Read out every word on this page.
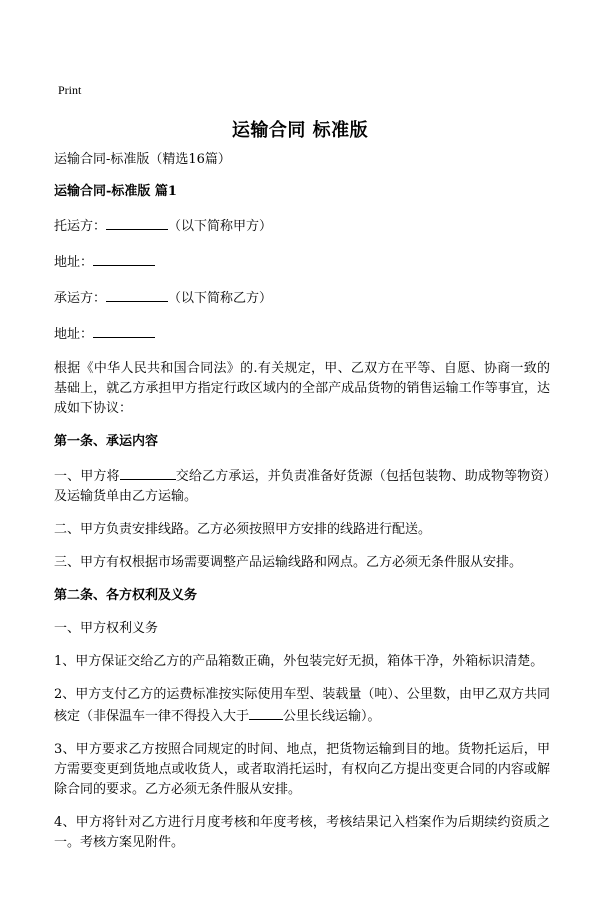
Print
运输合同 标准版

运输合同-标准版（精选16篇）

运输合同-标准版 篇1

托运方：	（以下简称甲方）

地址：

承运方：	（以下简称乙方）

地址：

根据《中华人民共和国合同法》的.有关规定，甲、乙双方在平等、自愿、协商一致的基础上，就乙方承担甲方指定行政区域内的全部产成品货物的销售运输工作等事宜，达成如下协议：

第一条、承运内容

一、甲方将	交给乙方承运，并负责准备好货源（包括包装物、助成物等物资）及运输货单由乙方运输。

二、甲方负责安排线路。乙方必须按照甲方安排的线路进行配送。

三、甲方有权根据市场需要调整产品运输线路和网点。乙方必须无条件服从安排。

第二条、各方权利及义务

一、甲方权利义务

1、甲方保证交给乙方的产品箱数正确，外包装完好无损，箱体干净，外箱标识清楚。

2、甲方支付乙方的运费标准按实际使用车型、装载量（吨）、公里数，由甲乙双方共同核定（非保温车一律不得投入大于	公里长线运输）。

3、甲方要求乙方按照合同规定的时间、地点，把货物运输到目的地。货物托运后，甲方需要变更到货地点或收货人，或者取消托运时，有权向乙方提出变更合同的内容或解除合同的要求。乙方必须无条件服从安排。

4、甲方将针对乙方进行月度考核和年度考核，考核结果记入档案作为后期续约资质之一。考核方案见附件。
